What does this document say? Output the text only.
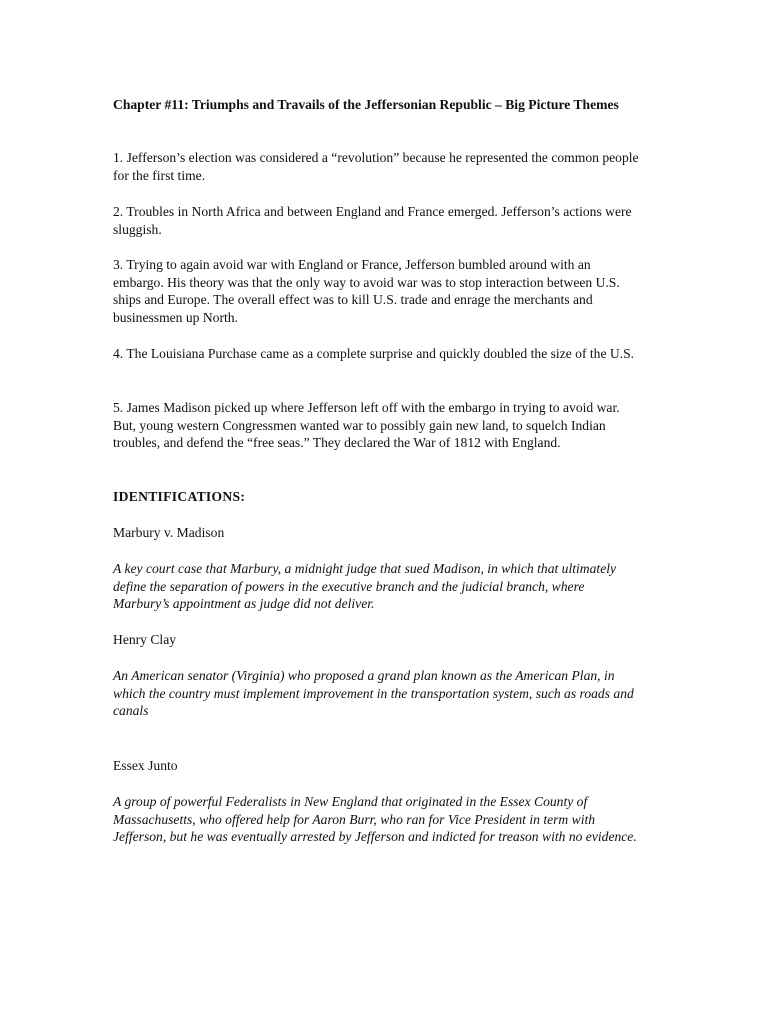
Chapter #11: Triumphs and Travails of the Jeffersonian Republic – Big Picture Themes

1. Jefferson’s election was considered a “revolution” because he represented the common people for the first time.

2. Troubles in North Africa and between England and France emerged. Jefferson’s actions were sluggish.

3. Trying to again avoid war with England or France, Jefferson bumbled around with an embargo. His theory was that the only way to avoid war was to stop interaction between U.S. ships and Europe. The overall effect was to kill U.S. trade and enrage the merchants and businessmen up North.

4. The Louisiana Purchase came as a complete surprise and quickly doubled the size of the U.S.

5. James Madison picked up where Jefferson left off with the embargo in trying to avoid war. But, young western Congressmen wanted war to possibly gain new land, to squelch Indian troubles, and defend the “free seas.” They declared the War of 1812 with England.

IDENTIFICATIONS:

Marbury v. Madison

A key court case that Marbury, a midnight judge that sued Madison, in which that ultimately define the separation of powers in the executive branch and the judicial branch, where Marbury’s appointment as judge did not deliver.

Henry Clay

An American senator (Virginia) who proposed a grand plan known as the American Plan, in which the country must implement improvement in the transportation system, such as roads and canals

Essex Junto

A group of powerful Federalists in New England that originated in the Essex County of Massachusetts, who offered help for Aaron Burr, who ran for Vice President in term with Jefferson, but he was eventually arrested by Jefferson and indicted for treason with no evidence.
